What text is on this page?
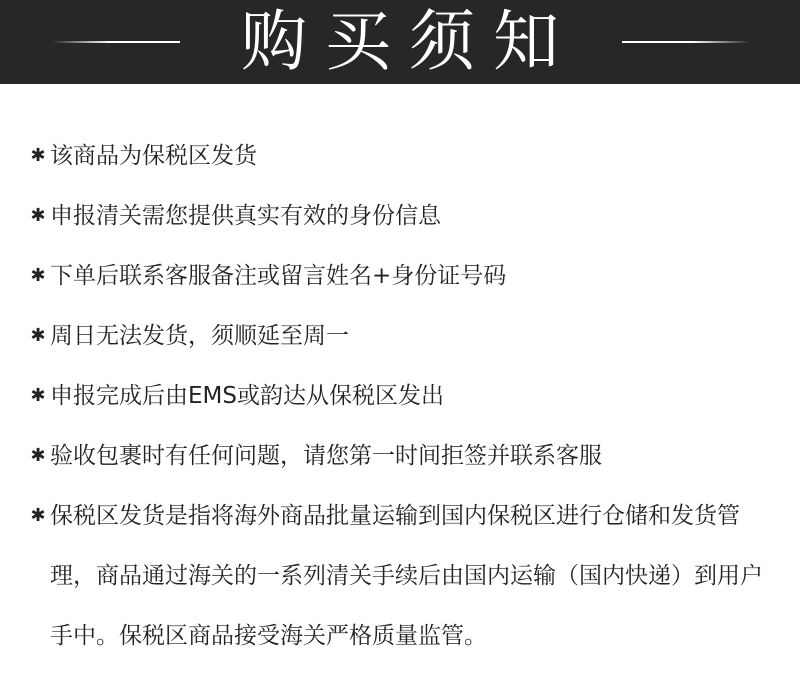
购买须知
✱ 该商品为保税区发货
✱ 申报清关需您提供真实有效的身份信息
✱ 下单后联系客服备注或留言姓名+身份证号码
✱ 周日无法发货，须顺延至周一
✱ 申报完成后由EMS或韵达从保税区发出
✱ 验收包裹时有任何问题，请您第一时间拒签并联系客服
✱ 保税区发货是指将海外商品批量运输到国内保税区进行仓储和发货管理，商品通过海关的一系列清关手续后由国内运输（国内快递）到用户手中。保税区商品接受海关严格质量监管。
